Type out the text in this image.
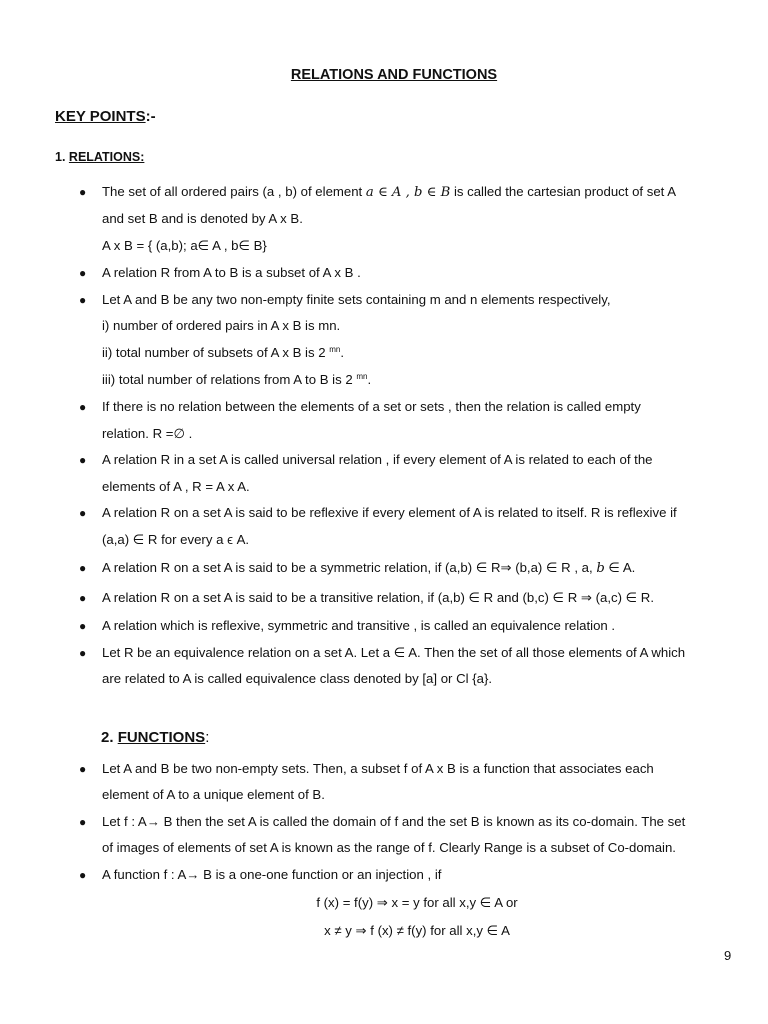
RELATIONS AND FUNCTIONS
KEY POINTS:-
1. RELATIONS:
● The set of all ordered pairs (a , b) of element a ∈ A , b ∈ B is called the cartesian product of set A
and set B and is denoted by A x B.
A x B = { (a,b); a∈ A , b∈ B}
● A relation R from A to B is a subset of A x B .
● Let A and B be any two non-empty finite sets containing m and n elements respectively,
i) number of ordered pairs in A x B is mn.
ii) total number of subsets of A x B is 2 $^{mn}$.
iii) total number of relations from A to B is 2 $^{mn}$.
● If there is no relation between the elements of a set or sets , then the relation is called empty
relation. R =∅ .
● A relation R in a set A is called universal relation , if every element of A is related to each of the
elements of A , R = A x A.
● A relation R on a set A is said to be reflexive if every element of A is related to itself. R is reflexive if
(a,a) ∈ R for every a ϵ A.
● A relation R on a set A is said to be a symmetric relation, if (a,b) ∈ R⇒ (b,a) ∈ R , a, b ∈ A.
● A relation R on a set A is said to be a transitive relation, if (a,b) ∈ R and (b,c) ∈ R ⇒ (a,c) ∈ R.
● A relation which is reflexive, symmetric and transitive , is called an equivalence relation .
● Let R be an equivalence relation on a set A. Let a ∈ A. Then the set of all those elements of A which
are related to A is called equivalence class denoted by [a] or Cl {a}.
2. FUNCTIONS:
● Let A and B be two non-empty sets. Then, a subset f of A x B is a function that associates each
element of A to a unique element of B.
● Let f : A→ B then the set A is called the domain of f and the set B is known as its co-domain. The set
of images of elements of set A is known as the range of f. Clearly Range is a subset of Co-domain.
● A function f : A→ B is a one-one function or an injection , if
f (x) = f(y) ⇒ x = y for all x,y ∈ A or
x ≠ y ⇒ f (x) ≠ f(y) for all x,y ∈ A
9
